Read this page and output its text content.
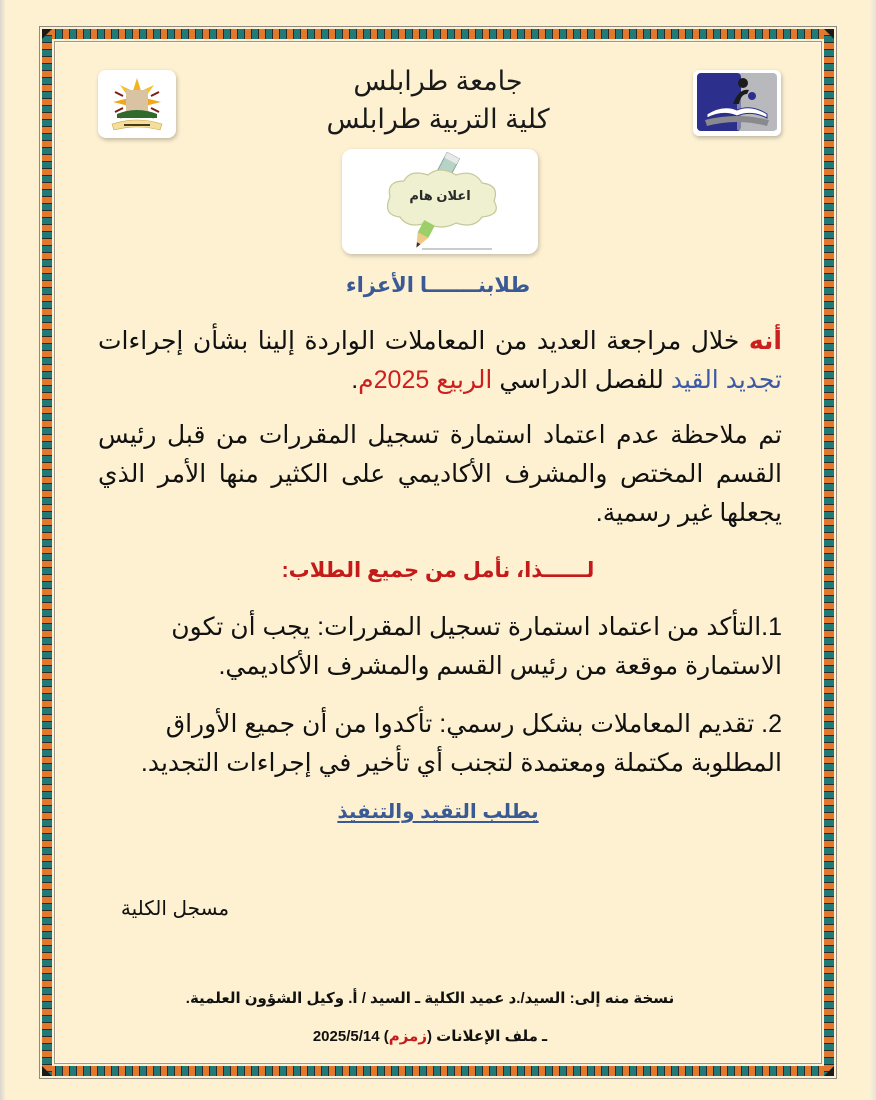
جامعة طرابلس
كلية التربية طرابلس
اعلان هام
طلابنـــــــا الأعزاء
أنه خلال مراجعة العديد من المعاملات الواردة إلينا بشأن إجراءات تجديد القيد للفصل الدراسي الربيع 2025م.
تم ملاحظة عدم اعتماد استمارة تسجيل المقررات من قبل رئيس القسم المختص والمشرف الأكاديمي على الكثير منها الأمر الذي يجعلها غير رسمية.
لــــــذا، نأمل من جميع الطلاب:
1.التأكد من اعتماد استمارة تسجيل المقررات: يجب أن تكون الاستمارة موقعة من رئيس القسم والمشرف الأكاديمي.
2. تقديم المعاملات بشكل رسمي: تأكدوا من أن جميع الأوراق المطلوبة مكتملة ومعتمدة لتجنب أي تأخير في إجراءات التجديد.
يطلب التقيد والتنفيذ
مسجل الكلية
نسخة منه إلى: السيد/.د عميد الكلية ـ السيد / أ. وكيل الشؤون العلمية.
ـ ملف الإعلانات (زمزم) 2025/5/14
